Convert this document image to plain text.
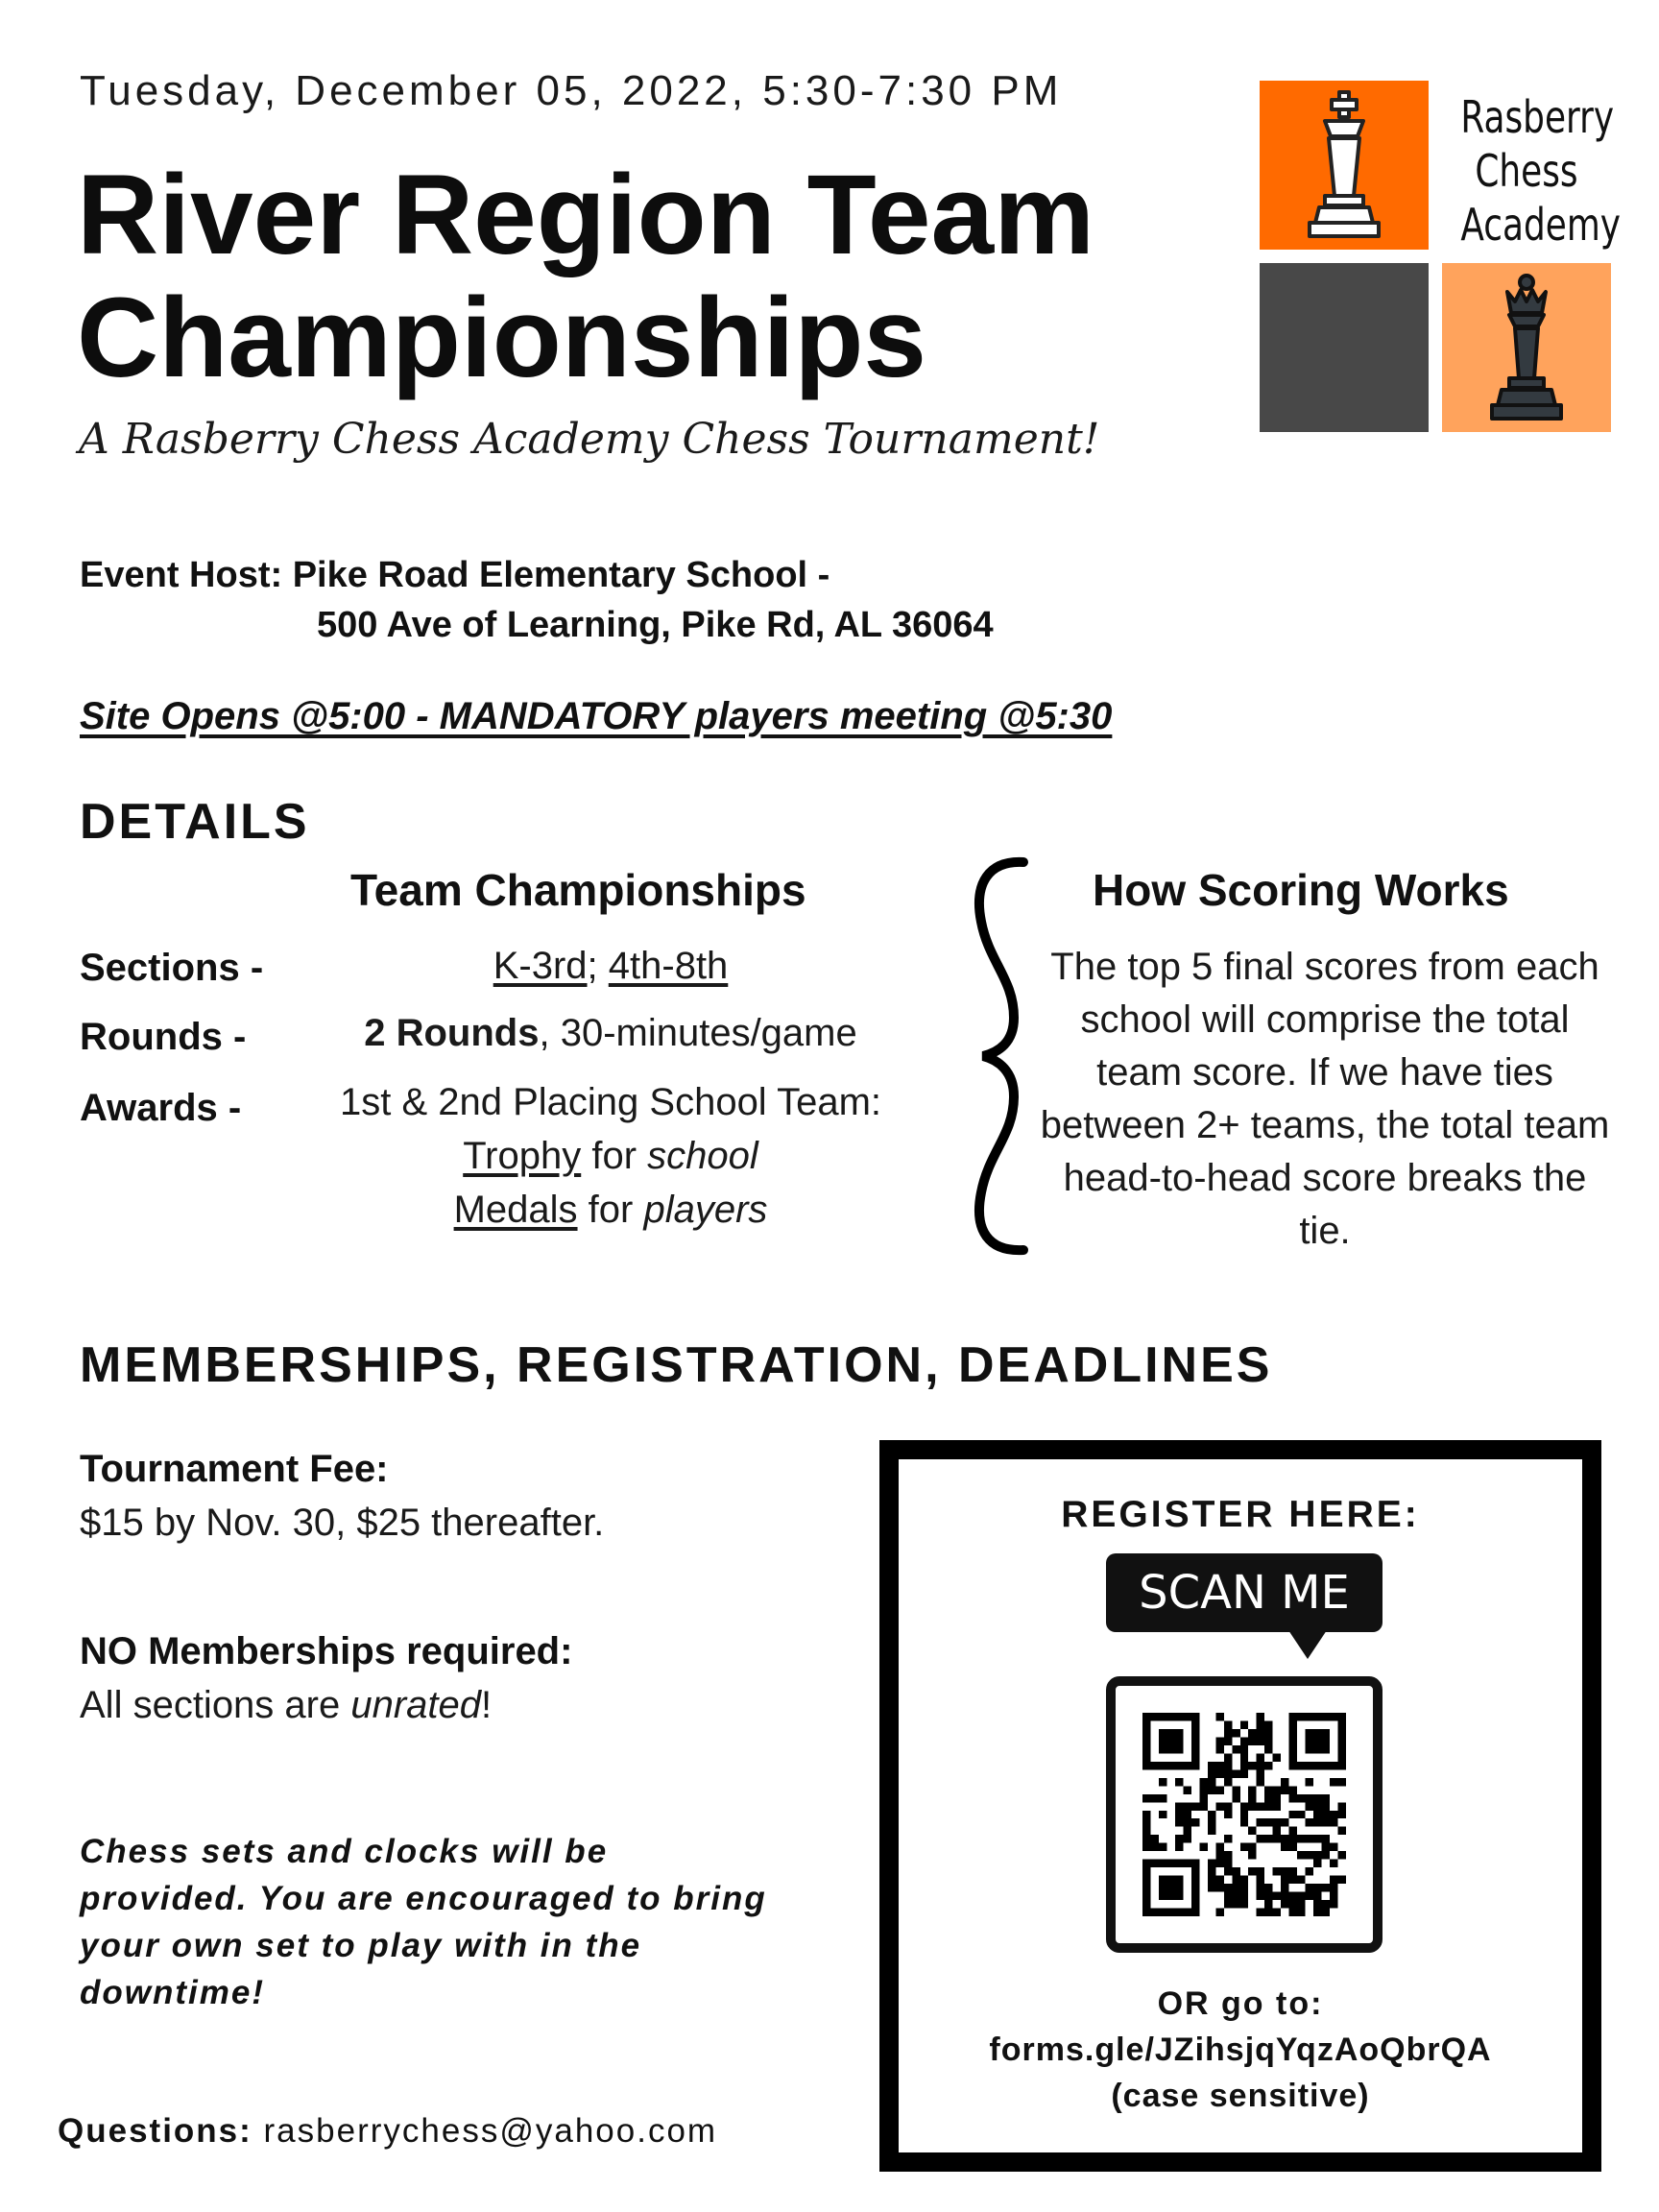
Tuesday, December 05, 2022, 5:30-7:30 PM
River Region Team
Championships
A Rasberry Chess Academy Chess Tournament!
Rasberry
Chess
Academy
Event Host: Pike Road Elementary School -
500 Ave of Learning, Pike Rd, AL 36064
Site Opens @5:00 - MANDATORY players meeting @5:30
DETAILS
Team Championships	How Scoring Works
Sections -	K-3rd; 4th-8th
Rounds -	2 Rounds, 30-minutes/game
Awards -	1st & 2nd Placing School Team:
Trophy for school
Medals for players
The top 5 final scores from each school will comprise the total team score. If we have ties between 2+ teams, the total team head-to-head score breaks the tie.
MEMBERSHIPS, REGISTRATION, DEADLINES
Tournament Fee:
$15 by Nov. 30, $25 thereafter.
NO Memberships required:
All sections are unrated!
Chess sets and clocks will be provided. You are encouraged to bring your own set to play with in the downtime!
Questions: rasberrychess@yahoo.com
REGISTER HERE:
SCAN ME
OR go to:
forms.gle/JZihsjqYqzAoQbrQA
(case sensitive)
